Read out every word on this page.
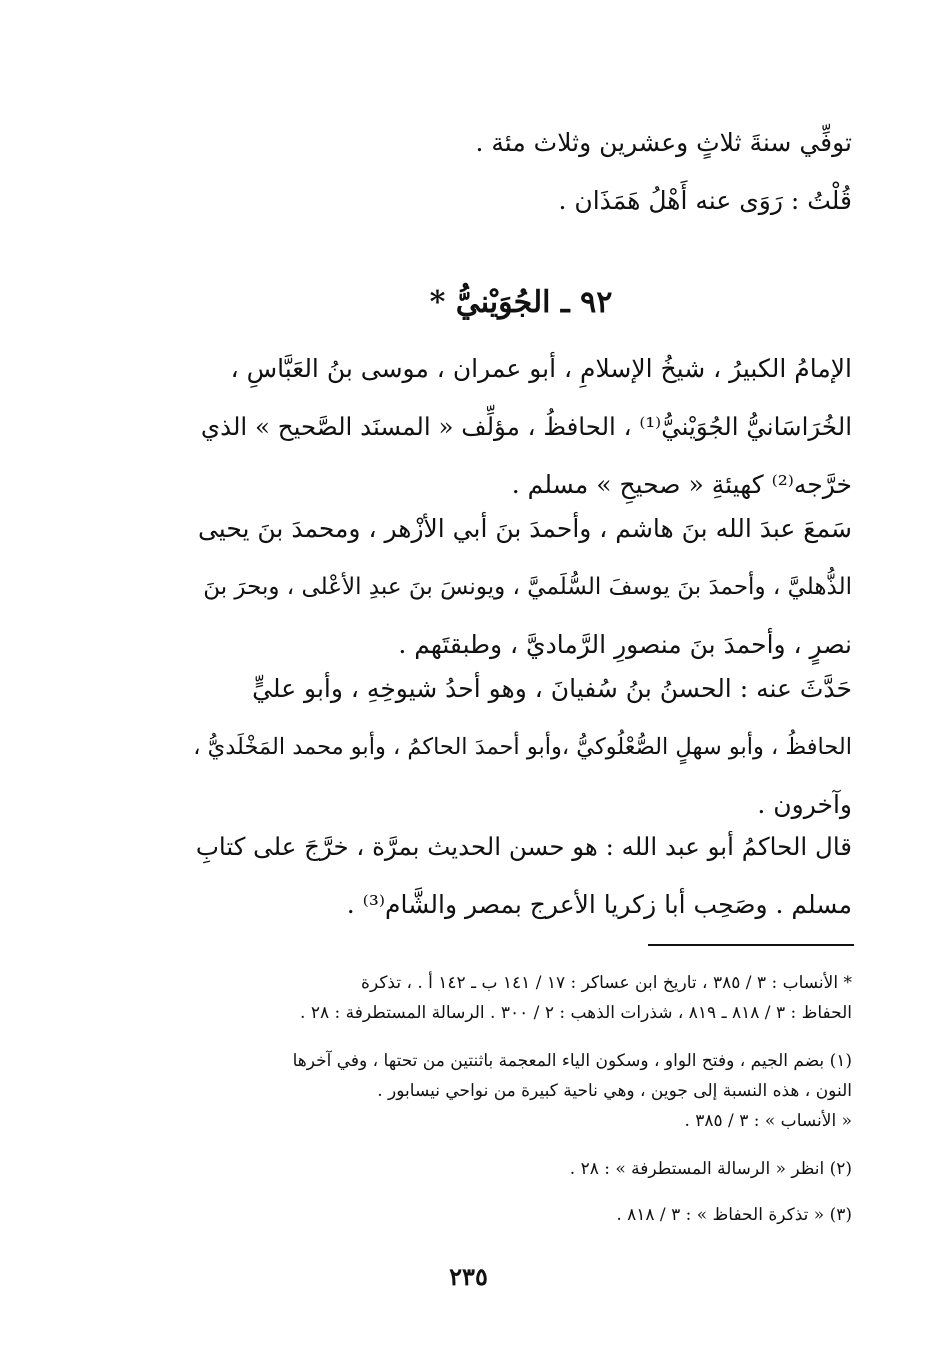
توفِّي سنةَ ثلاثٍ وعشرين وثلاث مئة .
قُلْتُ : رَوَى عنه أَهْلُ هَمَذَان .
٩٢ ـ الجُوَيْنيُّ *
الإمامُ الكبيرُ ، شيخُ الإسلامِ ، أبو عمران ، موسى بنُ العَبَّاسِ ،
الخُرَاسَانيُّ الجُوَيْنيُّ⁽¹⁾ ، الحافظُ ، مؤلِّف « المسنَد الصَّحيح » الذي
خرَّجه⁽²⁾ كهيئةِ « صحيحِ » مسلم .
سَمعَ عبدَ الله بنَ هاشم ، وأحمدَ بنَ أبي الأزْهر ، ومحمدَ بنَ يحيى
الذُّهليَّ ، وأحمدَ بنَ يوسفَ السُّلَميَّ ، ويونسَ بنَ عبدِ الأعْلى ، وبحرَ بنَ
نصرٍ ، وأحمدَ بنَ منصورِ الرَّماديَّ ، وطبقتَهم .
حَدَّثَ عنه : الحسنُ بنُ سُفيانَ ، وهو أحدُ شيوخِهِ ، وأبو عليٍّ
الحافظُ ، وأبو سهلٍ الصُّعْلُوكيُّ ،وأبو أحمدَ الحاكمُ ، وأبو محمد المَخْلَديُّ ،
وآخرون .
قال الحاكمُ أبو عبد الله : هو حسن الحديث بمرَّة ، خرَّجَ على كتابِ
مسلم . وصَحِب أبا زكريا الأعرج بمصر والشَّام⁽³⁾ .
* الأنساب : ٣ / ٣٨٥ ، تاريخ ابن عساكر : ١٧ / ١٤١ ب ـ ١٤٢ أ . ، تذكرة
الحفاظ : ٣ / ٨١٨ ـ ٨١٩ ، شذرات الذهب : ٢ / ٣٠٠ . الرسالة المستطرفة : ٢٨ .
(١) بضم الجيم ، وفتح الواو ، وسكون الياء المعجمة باثنتين من تحتها ، وفي آخرها
النون ، هذه النسبة إلى جوين ، وهي ناحية كبيرة من نواحي نيسابور .
« الأنساب » : ٣ / ٣٨٥ .
(٢) انظر « الرسالة المستطرفة » : ٢٨ .
(٣) « تذكرة الحفاظ » : ٣ / ٨١٨ .
٢٣٥
